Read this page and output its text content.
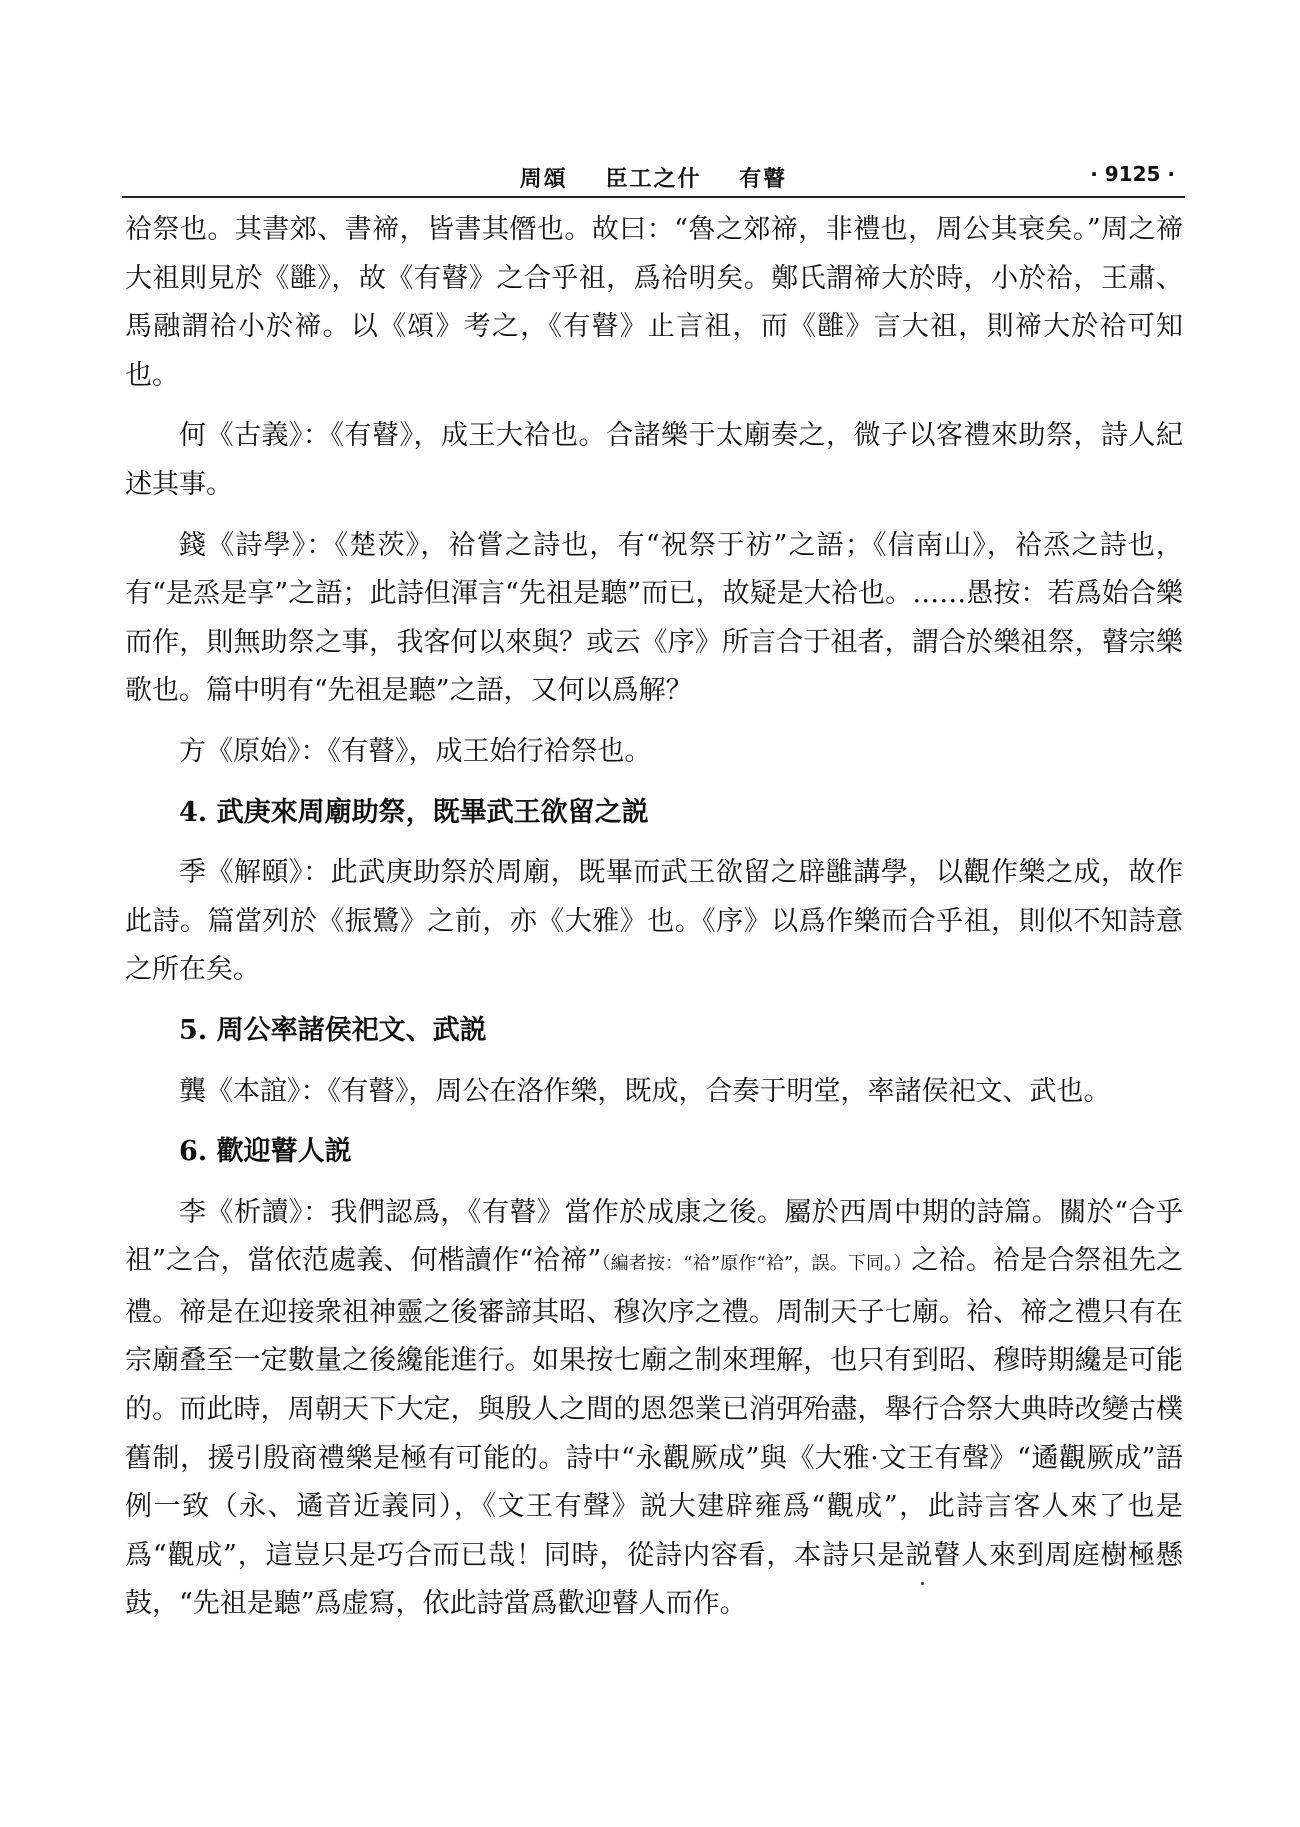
周頌 臣工之什 有瞽	· 9125 ·

祫祭也。其書郊、書禘，皆書其僭也。故曰：“魯之郊禘，非禮也，周公其衰矣。”周之禘大祖則見於《雝》，故《有瞽》之合乎祖，爲祫明矣。鄭氏謂禘大於時，小於祫，王肅、馬融謂祫小於禘。以《頌》考之，《有瞽》止言祖，而《雝》言大祖，則禘大於祫可知也。

何《古義》：《有瞽》，成王大祫也。合諸樂于太廟奏之，微子以客禮來助祭，詩人紀述其事。

錢《詩學》：《楚茨》，祫嘗之詩也，有“祝祭于祊”之語；《信南山》，祫烝之詩也，有“是烝是享”之語；此詩但渾言“先祖是聽”而已，故疑是大祫也。……愚按：若爲始合樂而作，則無助祭之事，我客何以來與？或云《序》所言合于祖者，謂合於樂祖祭，瞽宗樂歌也。篇中明有“先祖是聽”之語，又何以爲解？

方《原始》：《有瞽》，成王始行祫祭也。

4. 武庚來周廟助祭，既畢武王欲留之説

季《解頤》：此武庚助祭於周廟，既畢而武王欲留之辟雝講學，以觀作樂之成，故作此詩。篇當列於《振鷺》之前，亦《大雅》也。《序》以爲作樂而合乎祖，則似不知詩意之所在矣。

5. 周公率諸侯祀文、武説

龔《本誼》：《有瞽》，周公在洛作樂，既成，合奏于明堂，率諸侯祀文、武也。

6. 歡迎瞽人説

李《析讀》：我們認爲，《有瞽》當作於成康之後。屬於西周中期的詩篇。關於“合乎祖”之合，當依范處義、何楷讀作“祫禘”（編者按：“祫”原作“袷”，誤。下同。）之祫。祫是合祭祖先之禮。禘是在迎接衆祖神靈之後審諦其昭、穆次序之禮。周制天子七廟。祫、禘之禮只有在宗廟叠至一定數量之後纔能進行。如果按七廟之制來理解，也只有到昭、穆時期纔是可能的。而此時，周朝天下大定，與殷人之間的恩怨業已消弭殆盡，舉行合祭大典時改變古樸舊制，援引殷商禮樂是極有可能的。詩中“永觀厥成”與《大雅·文王有聲》“遹觀厥成”語例一致（永、遹音近義同），《文王有聲》説大建辟雍爲“觀成”，此詩言客人來了也是爲“觀成”，這豈只是巧合而已哉！同時，從詩内容看，本詩只是説瞽人來到周庭樹極懸鼓，“先祖是聽”爲虚寫，依此詩當爲歡迎瞽人而作。
